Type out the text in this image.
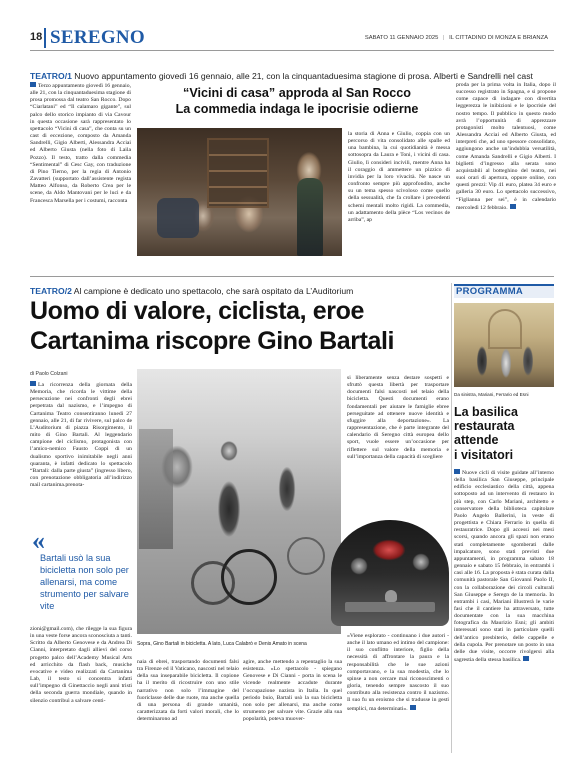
18 SEREGNO	SABATO 11 GENNAIO 2025 | IL CITTADINO DI MONZA E BRIANZA
TEATRO/1 Nuovo appuntamento giovedì 16 gennaio, alle 21, con la cinquantaduesima stagione di prosa. Alberti e Sandrelli nel cast
Terzo appuntamento giovedì 16 gennaio, alle 21, con la cinquantaduesima stagione di prosa promossa dal teatro San Rocco. Dopo “Ciarlatani” ed “Il calamaro gigante”, sul palco dello storico impianto di via Cavour in questa occasione sarà rappresentato lo spettacolo “Vicini di casa”, che conta su un cast di eccezione, composto da Amanda Sandrelli, Gigio Alberti, Alessandra Acciai ed Alberto Giusta (nella foto di Laila Pozzo). Il testo, tratto dalla commedia “Sentimental” di Cesc Gay, con traduzione di Pino Tierno, per la regia di Antonio Zavatteri (supportato dall’assistente regista Matteo Alfonso, da Roberto Crea per le scene, da Aldo Mantovani per le luci e da Francesca Marsella per i costumi, racconta
“Vicini di casa” approda al San Rocco
La commedia indaga le ipocrisie odierne
la storia di Anna e Giulio, coppia con un percorso di vita consolidato alle spalle ed una bambina, la cui quotidianità è messa sottosopra da Laura e Toni, i vicini di casa. Giulio, lì consideri incivili, mentre Anna ha il coraggio di ammettere un pizzico di invidia per la loro vivacità. Ne nasce un confronto sempre più approfondito, anche su un tema spesso scivoloso come quello della sessualità, che fa crollare i precedenti schemi mentali molto rigidi. La commedia, un adattamento della pièce “Los vecinos de arriba”, ap
proda per la prima volta in Italia, dopo il successo registrato in Spagna, e si propone come capace di indagare con divertita leggerezza le inibizioni e le ipocrisie del nostro tempo. Il pubblico in questo modo avrà l’opportunità di apprezzare protagonisti molto talentuosi, come Alessandra Acciai ed Alberto Giusta, ed interpreti che, ad uno spessore consolidato, aggiungono anche un’indubbia versatilità, come Amanda Sandrelli e Gigio Alberti. I biglietti d’ingresso alla serata sono acquistabili al botteghino del teatro, nei suoi orari di apertura, oppure online, con questi prezzi: Vip 41 euro, platea 34 euro e galleria 30 euro. Lo spettacolo successivo, “Figlianna per sei”, è in calendario mercoledì 12 febbraio.
TEATRO/2 Al campione è dedicato uno spettacolo, che sarà ospitato da L’Auditorium
Uomo di valore, ciclista, eroe
Cartanima riscopre Gino Bartali
di Paolo Colzani
La ricorrenza della giornata della Memoria, che ricorda le vittime della persecuzione nei confronti degli ebrei perpetrata dal nazismo, e l’impegno di Cartanima Teatro consentiranno lunedì 27 gennaio, alle 21, di far rivivere, sul palco de L’Auditorium di piazza Risorgimento, il mito di Gino Bartali. Al leggendario campione del ciclismo, protagonista con l’amico-nemico Fausto Coppi di un dualismo sportivo inimitabile negli anni quaranta, è infatti dedicato lo spettacolo “Bartali: dalla parte giusta” (ingresso libero, con prenotazione obbligatoria all’indirizzo mail cartanima.prenota-
«
Bartali usò la sua bicicletta non solo per allenarsi, ma come strumento per salvare vite
zioni@gmail.com), che rilegge la sua figura in una veste forse ancora sconosciuta a tanti. Scritto da Alberto Genovese e da Andrea Di Cianni, interpretato dagli allievi del corso progetto palco dell’Academy Musical Arts ed arricchito da flash back, musiche evocative e video realizzati da Cartanima Lab, il testo si concentra infatti sull’impegno di Ginettaccio negli anni tristi della seconda guerra mondiale, quando in silenzio contribuì a salvare centi-
Sopra, Gino Bartali in bicicletta. A lato, Luca Calabrò e Denis Amato in scena
si liberamente senza destare sospetti e sfruttò questa libertà per trasportare documenti falsi nascosti nel telaio della bicicletta. Questi documenti erano fondamentali per aiutare le famiglie ebree perseguitate ad ottenere nuove identità e sfuggire alla deportazione». La rappresentazione, che è parte integrante del calendario di Seregno città europea dello sport, vuole essere un’occasione per riflettere sul valore della memoria e sull’importanza della capacità di scegliere
naia di ebrei, trasportando documenti falsi tra Firenze ed il Vaticano, nascosti nel telaio della sua inseparabile bicicletta. Il copione ha il merito di ricostruire con uno stile narrativo non solo l’immagine del fuoriclasse delle due ruote, ma anche quella di una persona di grande umanità, caratterizzata da forti valori morali, che lo determinarono ad
agire, anche mettendo a repentaglio la sua esistenza. «Lo spettacolo - spiegano Genovese e Di Cianni - porta in scena le vicende realmente accadute durante l’occupazione nazista in Italia. In quel periodo buio, Bartali usò la sua bicicletta non solo per allenarsi, ma anche come strumento per salvare vite. Grazie alla sua popolarità, poteva muover-
«Viene esplorato - continuano i due autori - anche il lato umano ed intimo del campione: il suo conflitto interiore, figlio della necessità di affrontare la paura e la responsabilità che le sue azioni comportavano, e la sua modestia, che lo spinse a non cercare mai riconoscimenti o gloria, tenendo sempre nascosto il suo contributo alla resistenza contro il nazismo. Il suo fu un eroismo che si tradusse in gesti semplici, ma determinati».
PROGRAMMA
Da sinistra, Mariani, Ferrario ed Esni
La basilica
restaurata
attende
i visitatori
Nuove cicli di visite guidate all’interno della basilica San Giuseppe, principale edificio ecclesiastico della città, appena sottoposto ad un intervento di restauro in più step, con Carlo Mariani, architetto e conservatore della biblioteca capitolare Paolo Angelo Ballerini, in veste di progettista e Chiara Ferrario in quella di restauratrice. Dopo gli accessi nei mesi scorsi, quando ancora gli spazi non erano stati completamente sgomberati dalle impalcature, sono stati previsti due appuntamenti, in programma sabato 18 gennaio e sabato 15 febbraio, in entrambi i casi alle 16. La proposta è stata curata dalla comunità pastorale San Giovanni Paolo II, con la collaborazione dei circoli culturali San Giuseppe e Seregn de la memoria. In entrambi i casi, Mariani illustrerà le varie fasi che il cantiere ha attraversato, tutte documentate con la sua macchina fotografica da Maurizio Esni; gli ambiti interessati sono stati in particolare quelli dell’antico presbiterio, delle cappelle e della cupola. Per prenotare un posto in una delle due visite, occorre rivolgersi alla sagrestia della stessa basilica.
